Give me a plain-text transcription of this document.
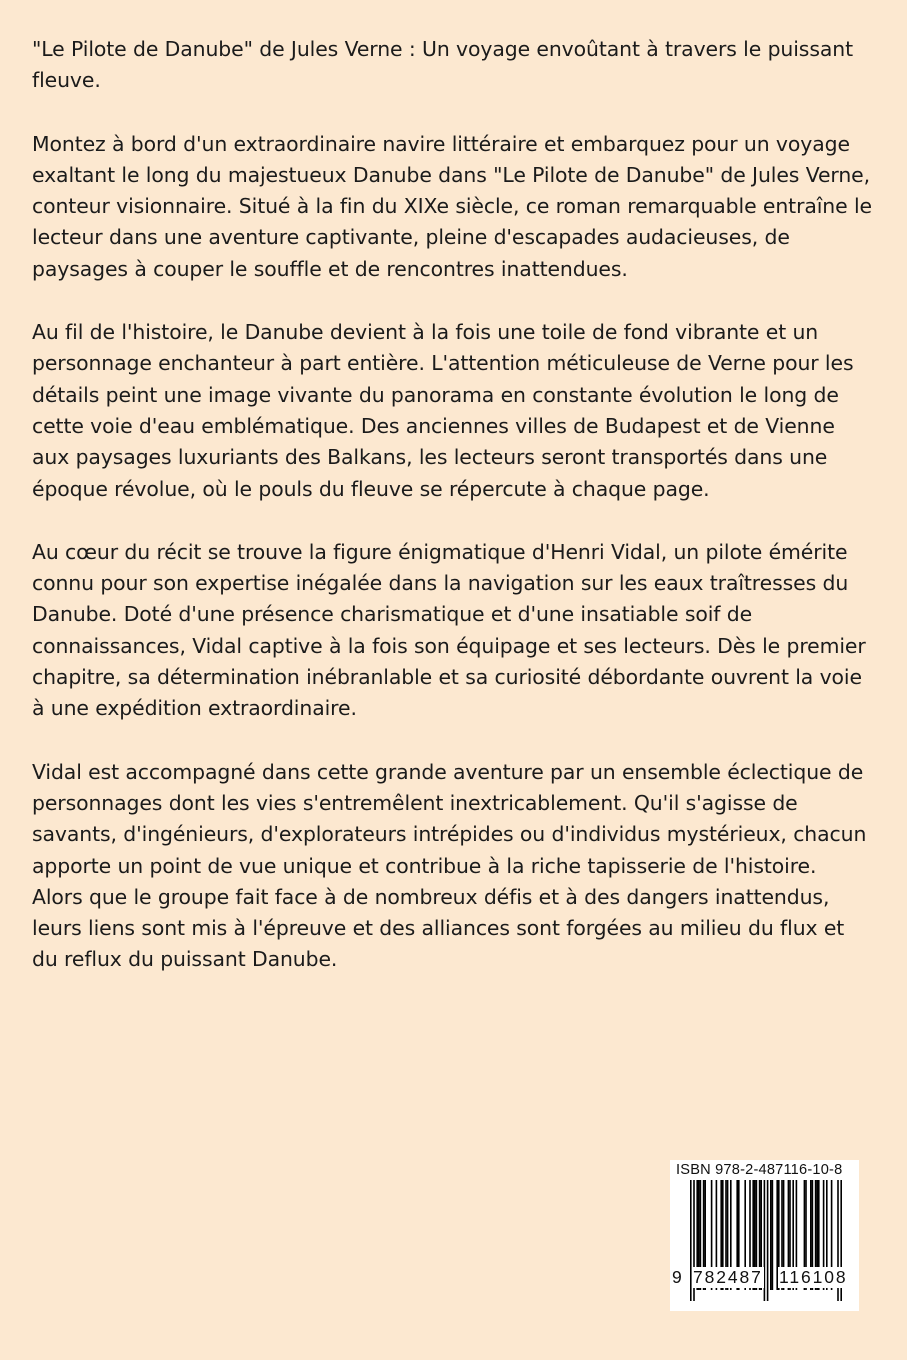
"Le Pilote de Danube" de Jules Verne : Un voyage envoûtant à travers le puissant fleuve.

Montez à bord d'un extraordinaire navire littéraire et embarquez pour un voyage exaltant le long du majestueux Danube dans "Le Pilote de Danube" de Jules Verne, conteur visionnaire. Situé à la fin du XIXe siècle, ce roman remarquable entraîne le lecteur dans une aventure captivante, pleine d'escapades audacieuses, de paysages à couper le souffle et de rencontres inattendues.

Au fil de l'histoire, le Danube devient à la fois une toile de fond vibrante et un personnage enchanteur à part entière. L'attention méticuleuse de Verne pour les détails peint une image vivante du panorama en constante évolution le long de cette voie d'eau emblématique. Des anciennes villes de Budapest et de Vienne aux paysages luxuriants des Balkans, les lecteurs seront transportés dans une époque révolue, où le pouls du fleuve se répercute à chaque page.

Au cœur du récit se trouve la figure énigmatique d'Henri Vidal, un pilote émérite connu pour son expertise inégalée dans la navigation sur les eaux traîtresses du Danube. Doté d'une présence charismatique et d'une insatiable soif de connaissances, Vidal captive à la fois son équipage et ses lecteurs. Dès le premier chapitre, sa détermination inébranlable et sa curiosité débordante ouvrent la voie à une expédition extraordinaire.

Vidal est accompagné dans cette grande aventure par un ensemble éclectique de personnages dont les vies s'entremêlent inextricablement. Qu'il s'agisse de savants, d'ingénieurs, d'explorateurs intrépides ou d'individus mystérieux, chacun apporte un point de vue unique et contribue à la riche tapisserie de l'histoire. Alors que le groupe fait face à de nombreux défis et à des dangers inattendus, leurs liens sont mis à l'épreuve et des alliances sont forgées au milieu du flux et du reflux du puissant Danube.

ISBN 978-2-487116-10-8
9 782487 116108
